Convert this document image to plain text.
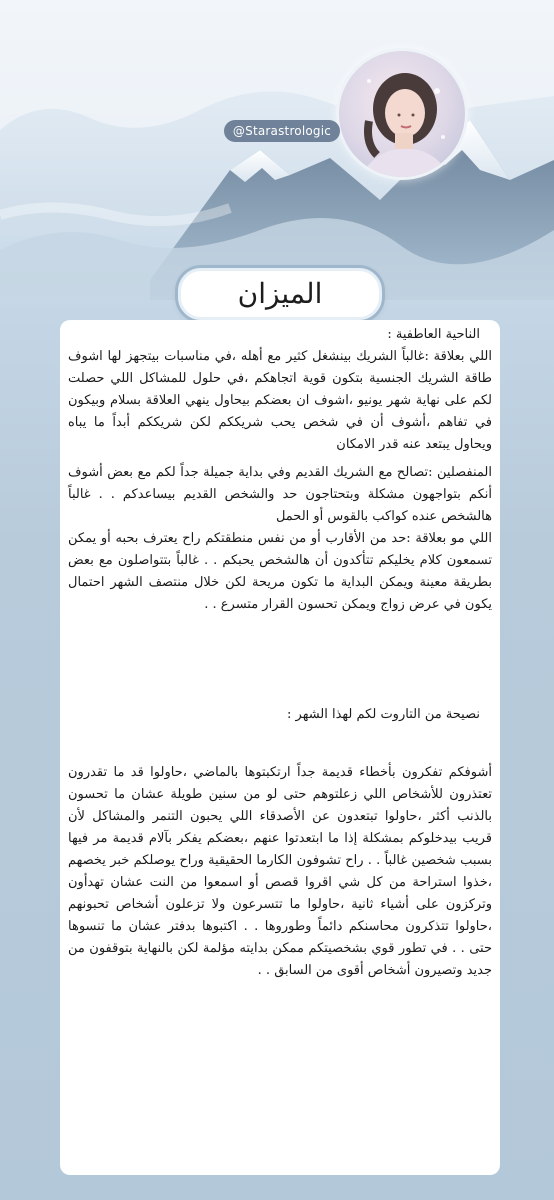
@Starastrologic
الميزان

الناحية العاطفية :

اللي بعلاقة :غالباً الشريك بينشغل كثير مع أهله ،في مناسبات بيتجهز لها اشوف طاقة الشريك الجنسية بتكون قوية اتجاهكم ،في حلول للمشاكل اللي حصلت لكم على نهاية شهر يونيو ،اشوف ان بعضكم بيحاول ينهي العلاقة بسلام وبيكون في تفاهم ،أشوف أن في شخص يحب شريككم لكن شريككم أبداً ما يباه ويحاول يبتعد عنه قدر الامكان

المنفصلين :تصالح مع الشريك القديم وفي بداية جميلة جداً لكم مع بعض أشوف أنكم بتواجهون مشكلة وبتحتاجون حد والشخص القديم بيساعدكم . . غالباً هالشخص عنده كواكب بالقوس أو الحمل

اللي مو بعلاقة :حد من الأقارب أو من نفس منطقتكم راح يعترف بحبه أو يمكن تسمعون كلام يخليكم تتأكدون أن هالشخص يحبكم . . غالباً بتتواصلون مع بعض بطريقة معينة ويمكن البداية ما تكون مريحة لكن خلال منتصف الشهر احتمال يكون في عرض زواج ويمكن تحسون القرار متسرع . .

نصيحة من التاروت لكم لهذا الشهر :

أشوفكم تفكرون بأخطاء قديمة جداً ارتكبتوها بالماضي ،حاولوا قد ما تقدرون تعتذرون للأشخاص اللي زعلتوهم حتى لو من سنين طويلة عشان ما تحسون بالذنب أكثر ،حاولوا تبتعدون عن الأصدقاء اللي يحبون التنمر والمشاكل لأن قريب بيدخلوكم بمشكلة إذا ما ابتعدتوا عنهم ،بعضكم يفكر بآلام قديمة مر فيها بسبب شخصين غالباً . . راح تشوفون الكارما الحقيقية وراح يوصلكم خبر يخصهم ،خذوا استراحة من كل شي اقروا قصص أو اسمعوا من النت عشان تهدأون وتركزون على أشياء ثانية ،حاولوا ما تتسرعون ولا تزعلون أشخاص تحبونهم ،حاولوا تتذكرون محاسنكم دائماً وطوروها . . اكتبوها بدفتر عشان ما تنسوها حتى . . في تطور قوي بشخصيتكم ممكن بدايته مؤلمة لكن بالنهاية بتوقفون من جديد وتصيرون أشخاص أقوى من السابق . .
